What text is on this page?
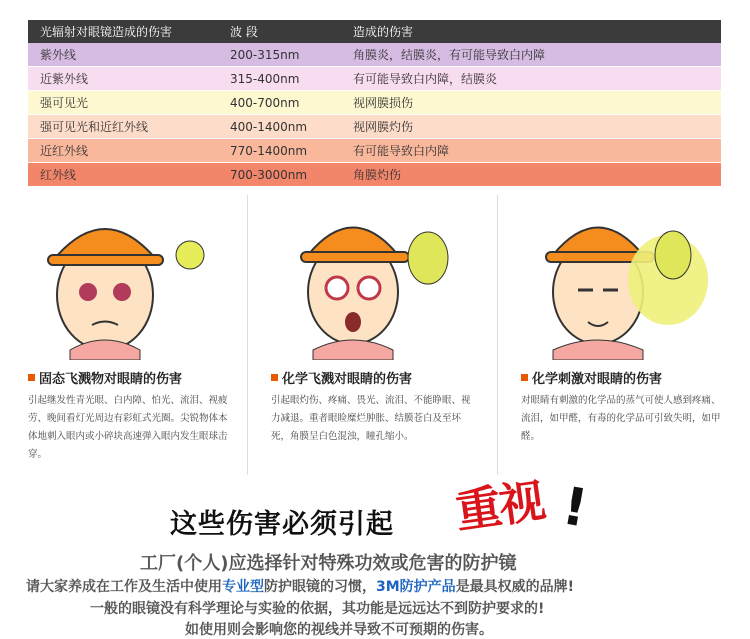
光辐射对眼镜造成的伤害	波 段	造成的伤害
紫外线	200-315nm	角膜炎，结膜炎，有可能导致白内障
近紫外线	315-400nm	有可能导致白内障，结膜炎
强可见光	400-700nm	视网膜损伤
强可见光和近红外线	400-1400nm	视网膜灼伤
近红外线	770-1400nm	有可能导致白内障
红外线	700-3000nm	角膜灼伤
固态飞溅物对眼睛的伤害
引起继发性青光眼、白内障、怕光、流泪、视疲劳、晚间看灯光周边有彩虹式光圈。尖锐物体本体地刺入眼内或小碎块高速弹入眼内发生眼球击穿。
化学飞溅对眼睛的伤害
引起眼灼伤、疼痛、畏光、流泪、不能睁眼、视力减退。重者眼睑糜烂肿胀、结膜苍白及至坏死，角膜呈白色混浊，瞳孔缩小。
化学刺激对眼睛的伤害
对眼睛有刺激的化学品的蒸气可使人感到疼痛、流泪，如甲醛，有毒的化学品可引致失明，如甲醛。
这些伤害必须引起 重视 !
工厂(个人)应选择针对特殊功效或危害的防护镜
请大家养成在工作及生活中使用专业型防护眼镜的习惯，3M防护产品是最具权威的品牌!
一般的眼镜没有科学理论与实验的依据，其功能是远远达不到防护要求的!
如使用则会影响您的视线并导致不可预期的伤害。
